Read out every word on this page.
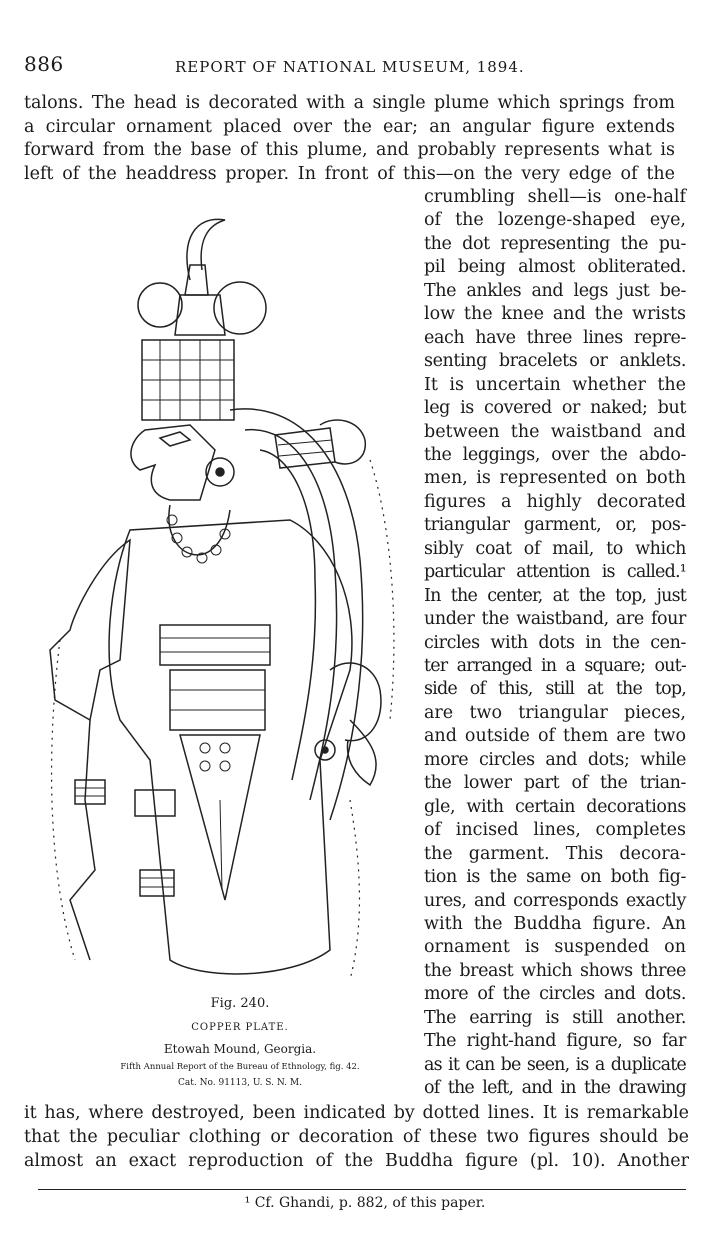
886	REPORT OF NATIONAL MUSEUM, 1894.
talons. The head is decorated with a single plume which springs from
a circular ornament placed over the ear; an angular figure extends
forward from the base of this plume, and probably represents what is
left of the headdress proper. In front of this—on the very edge of the
crumbling shell—is one-half
of the lozenge-shaped eye,
the dot representing the pu-
pil being almost obliterated.
The ankles and legs just be-
low the knee and the wrists
each have three lines repre-
senting bracelets or anklets.
It is uncertain whether the
leg is covered or naked; but
between the waistband and
the leggings, over the abdo-
men, is represented on both
figures a highly decorated
triangular garment, or, pos-
sibly coat of mail, to which
particular attention is called.¹
In the center, at the top, just
under the waistband, are four
circles with dots in the cen-
ter arranged in a square; out-
side of this, still at the top,
are two triangular pieces,
and outside of them are two
more circles and dots; while
the lower part of the trian-
gle, with certain decorations
of incised lines, completes
the garment. This decora-
tion is the same on both fig-
ures, and corresponds exactly
with the Buddha figure. An
ornament is suspended on
the breast which shows three
more of the circles and dots.
The earring is still another.
The right-hand figure, so far
as it can be seen, is a duplicate
of the left, and in the drawing
it has, where destroyed, been indicated by dotted lines. It is remarkable
that the peculiar clothing or decoration of these two figures should be
almost an exact reproduction of the Buddha figure (pl. 10). Another
Fig. 240.
COPPER PLATE.
Etowah Mound, Georgia.
Fifth Annual Report of the Bureau of Ethnology, fig. 42.
Cat. No. 91113, U. S. N. M.
¹ Cf. Ghandi, p. 882, of this paper.
